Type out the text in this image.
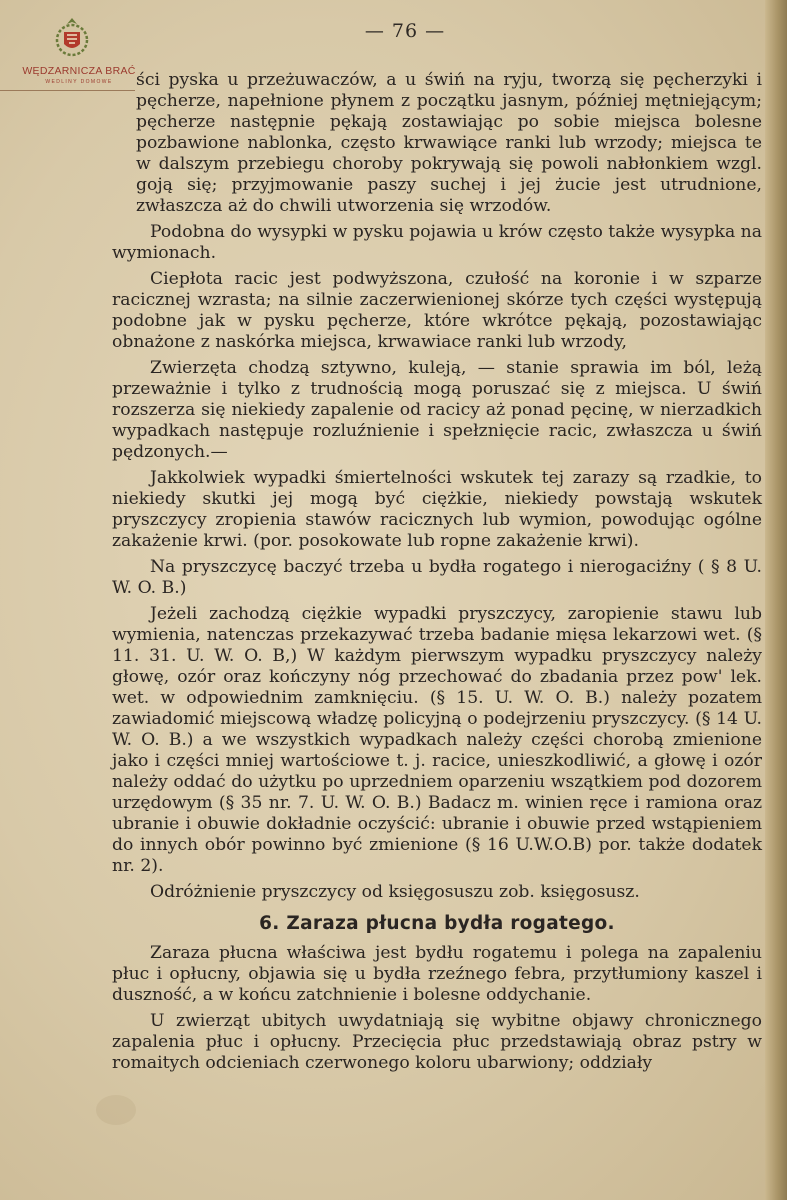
WĘDZARNICZA BRAĆ
WEDLINY DOMOWE
— 76 —

ści pyska u przeżuwaczów, a u świń na ryju, tworzą się pęcherzyki i pęcherze, napełnione płynem z początku jasnym, później mętniejącym; pęcherze następnie pękają zostawiając po sobie miejsca bolesne pozbawione nablonka, często krwawiące ranki lub wrzody; miejsca te w dalszym przebiegu choroby pokrywają się powoli nabłonkiem wzgl. goją się; przyjmowanie paszy suchej i jej żucie jest utrudnione, zwłaszcza aż do chwili utworzenia się wrzodów.

Podobna do wysypki w pysku pojawia u krów często także wysypka na wymionach.

Ciepłota racic jest podwyższona, czułość na koronie i w szparze racicznej wzrasta; na silnie zaczerwienionej skórze tych części występują podobne jak w pysku pęcherze, które wkrótce pękają, pozostawiając obnażone z naskórka miejsca, krwawiace ranki lub wrzody,

Zwierzęta chodzą sztywno, kuleją, — stanie sprawia im ból, leżą przeważnie i tylko z trudnością mogą poruszać się z miejsca. U świń rozszerza się niekiedy zapalenie od racicy aż ponad pęcinę, w nierzadkich wypadkach następuje rozluźnienie i spełznięcie racic, zwłaszcza u świń pędzonych.—

Jakkolwiek wypadki śmiertelności wskutek tej zarazy są rzadkie, to niekiedy skutki jej mogą być ciężkie, niekiedy powstają wskutek pryszczycy zropienia stawów racicznych lub wymion, powodując ogólne zakażenie krwi. (por. posokowate lub ropne zakażenie krwi).

Na pryszczycę baczyć trzeba u bydła rogatego i nierogaciźny ( § 8 U. W. O. B.)

Jeżeli zachodzą ciężkie wypadki pryszczycy, zaropienie stawu lub wymienia, natenczas przekazywać trzeba badanie mięsa lekarzowi wet. (§ 11. 31. U. W. O. B,) W każdym pierwszym wypadku pryszczycy należy głowę, ozór oraz kończyny nóg przechować do zbadania przez pow' lek. wet. w odpowiednim zamknięciu. (§ 15. U. W. O. B.) należy pozatem zawiadomić miejscową władzę policyjną o podejrzeniu pryszczycy. (§ 14 U. W. O. B.) a we wszystkich wypadkach należy części chorobą zmienione jako i części mniej wartościowe t. j. racice, unieszkodliwić, a głowę i ozór należy oddać do użytku po uprzedniem oparzeniu wszątkiem pod dozorem urzędowym (§ 35 nr. 7. U. W. O. B.) Badacz m. winien ręce i ramiona oraz ubranie i obuwie dokładnie oczyścić: ubranie i obuwie przed wstąpieniem do innych obór powinno być zmienione (§ 16 U.W.O.B) por. także dodatek nr. 2).

Odróżnienie pryszczycy od księgosuszu zob. księgosusz.

6. Zaraza płucna bydła rogatego.

Zaraza płucna właściwa jest bydłu rogatemu i polega na zapaleniu płuc i opłucny, objawia się u bydła rzeźnego febra, przytłumiony kaszel i duszność, a w końcu zatchnienie i bolesne oddychanie.

U zwierząt ubitych uwydatniają się wybitne objawy chronicznego zapalenia płuc i opłucny. Przecięcia płuc przedstawiają obraz pstry w romaitych odcieniach czerwonego koloru ubarwiony; oddziały
